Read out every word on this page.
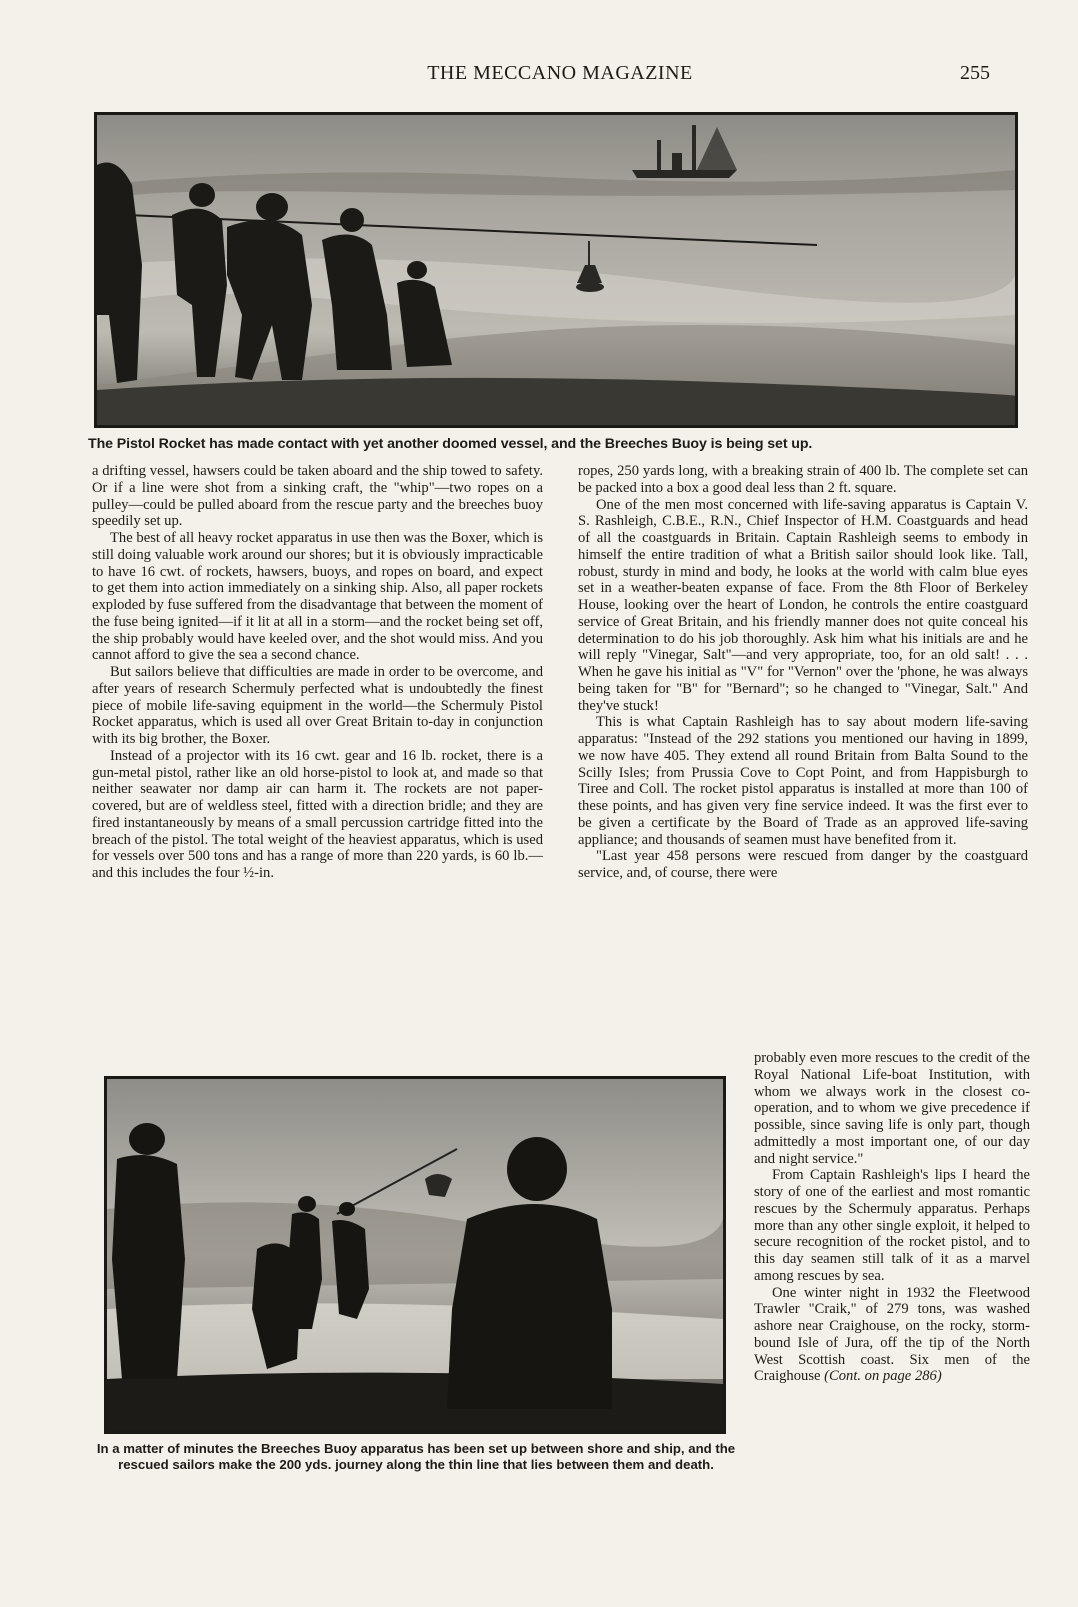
THE MECCANO MAGAZINE	255
The Pistol Rocket has made contact with yet another doomed vessel, and the Breeches Buoy is being set up.

a drifting vessel, hawsers could be taken aboard and the ship towed to safety. Or if a line were shot from a sinking craft, the "whip"—two ropes on a pulley—could be pulled aboard from the rescue party and the breeches buoy speedily set up.

The best of all heavy rocket apparatus in use then was the Boxer, which is still doing valuable work around our shores; but it is obviously impracticable to have 16 cwt. of rockets, hawsers, buoys, and ropes on board, and expect to get them into action immediately on a sinking ship. Also, all paper rockets exploded by fuse suffered from the disadvantage that between the moment of the fuse being ignited—if it lit at all in a storm—and the rocket being set off, the ship probably would have keeled over, and the shot would miss. And you cannot afford to give the sea a second chance.

But sailors believe that difficulties are made in order to be overcome, and after years of research Schermuly perfected what is undoubtedly the finest piece of mobile life-saving equipment in the world—the Schermuly Pistol Rocket apparatus, which is used all over Great Britain to-day in conjunction with its big brother, the Boxer.

Instead of a projector with its 16 cwt. gear and 16 lb. rocket, there is a gun-metal pistol, rather like an old horse-pistol to look at, and made so that neither seawater nor damp air can harm it. The rockets are not paper-covered, but are of weldless steel, fitted with a direction bridle; and they are fired instantaneously by means of a small percussion cartridge fitted into the breach of the pistol. The total weight of the heaviest apparatus, which is used for vessels over 500 tons and has a range of more than 220 yards, is 60 lb.—and this includes the four ½-in.

ropes, 250 yards long, with a breaking strain of 400 lb. The complete set can be packed into a box a good deal less than 2 ft. square.

One of the men most concerned with life-saving apparatus is Captain V. S. Rashleigh, C.B.E., R.N., Chief Inspector of H.M. Coastguards and head of all the coastguards in Britain. Captain Rashleigh seems to embody in himself the entire tradition of what a British sailor should look like. Tall, robust, sturdy in mind and body, he looks at the world with calm blue eyes set in a weather-beaten expanse of face. From the 8th Floor of Berkeley House, looking over the heart of London, he controls the entire coastguard service of Great Britain, and his friendly manner does not quite conceal his determination to do his job thoroughly. Ask him what his initials are and he will reply "Vinegar, Salt"—and very appropriate, too, for an old salt! . . . When he gave his initial as "V" for "Vernon" over the 'phone, he was always being taken for "B" for "Bernard"; so he changed to "Vinegar, Salt." And they've stuck!

This is what Captain Rashleigh has to say about modern life-saving apparatus: "Instead of the 292 stations you mentioned our having in 1899, we now have 405. They extend all round Britain from Balta Sound to the Scilly Isles; from Prussia Cove to Copt Point, and from Happisburgh to Tiree and Coll. The rocket pistol apparatus is installed at more than 100 of these points, and has given very fine service indeed. It was the first ever to be given a certificate by the Board of Trade as an approved life-saving appliance; and thousands of seamen must have benefited from it.

"Last year 458 persons were rescued from danger by the coastguard service, and, of course, there were

In a matter of minutes the Breeches Buoy apparatus has been set up between shore and ship, and the rescued sailors make the 200 yds. journey along the thin line that lies between them and death.

probably even more rescues to the credit of the Royal National Life-boat Institution, with whom we always work in the closest co-operation, and to whom we give precedence if possible, since saving life is only part, though admittedly a most important one, of our day and night service."

From Captain Rashleigh's lips I heard the story of one of the earliest and most romantic rescues by the Schermuly apparatus. Perhaps more than any other single exploit, it helped to secure recognition of the rocket pistol, and to this day seamen still talk of it as a marvel among rescues by sea.

One winter night in 1932 the Fleetwood Trawler "Craik," of 279 tons, was washed ashore near Craighouse, on the rocky, storm-bound Isle of Jura, off the tip of the North West Scottish coast. Six men of the Craighouse (Cont. on page 286)
